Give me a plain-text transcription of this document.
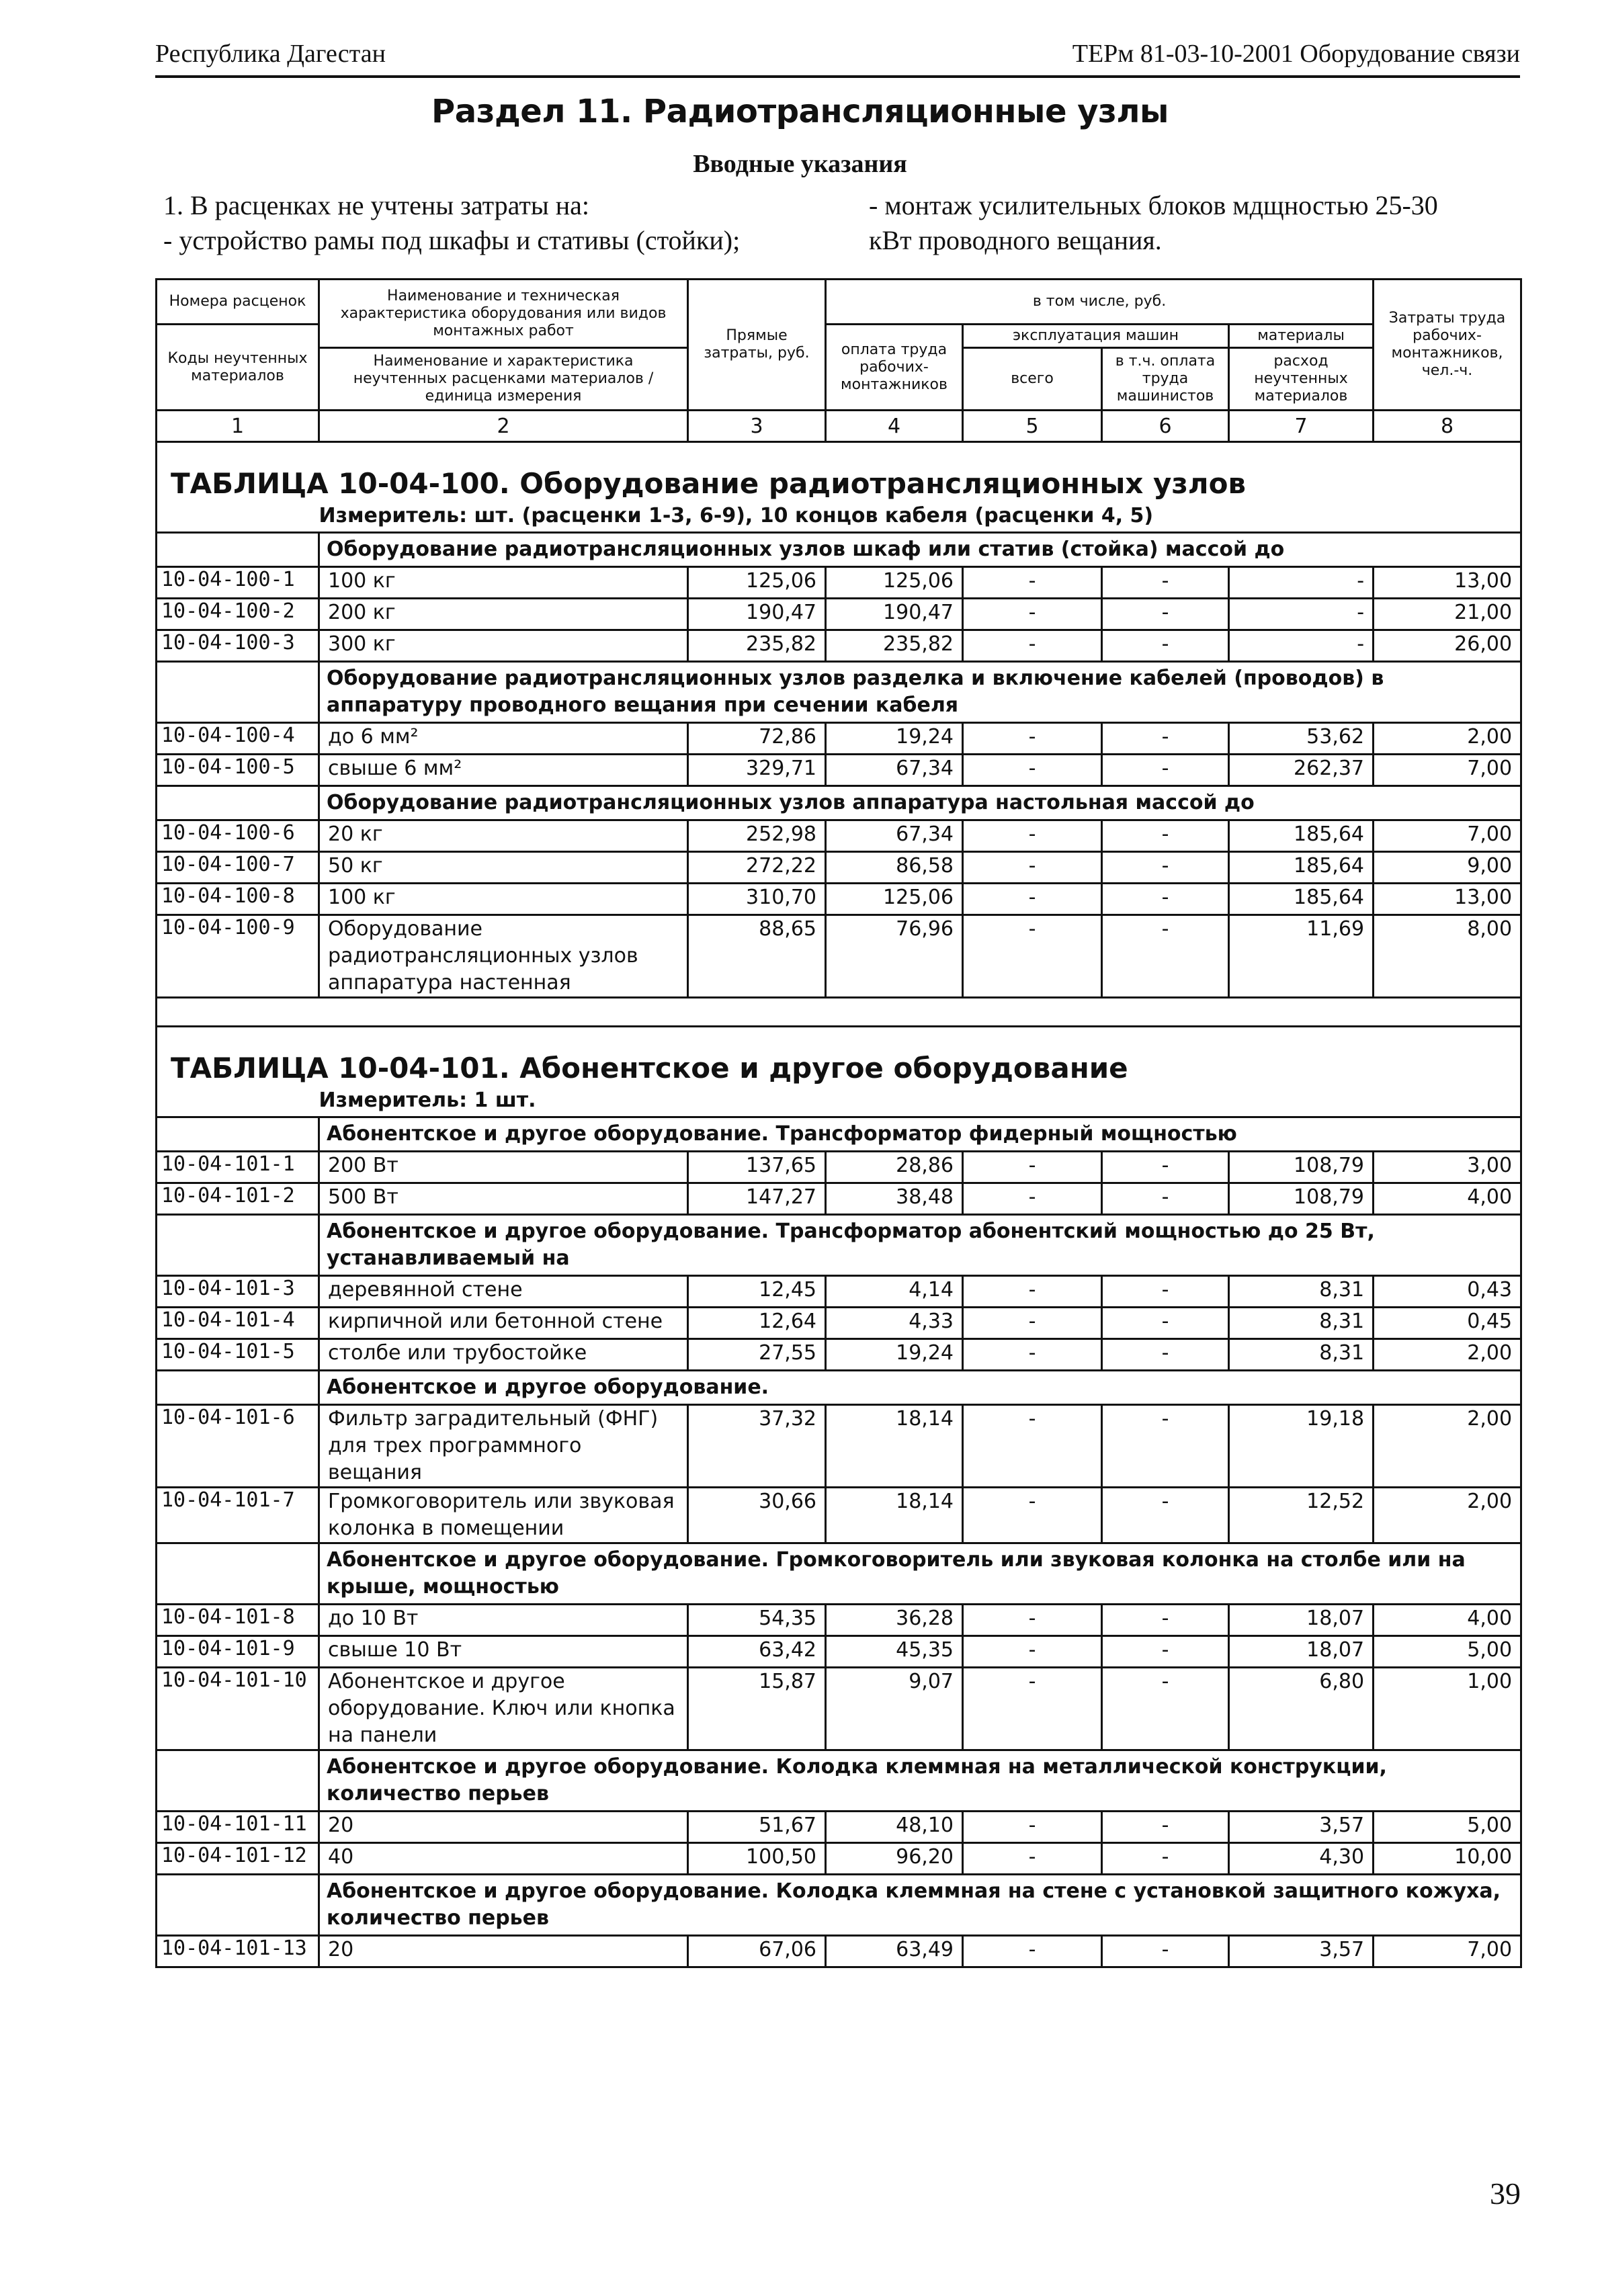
Республика Дагестан	ТЕРм 81-03-10-2001 Оборудование связи
Раздел 11. Радиотрансляционные узлы
Вводные указания
1. В расценках не учтены затраты на:
- устройство рамы под шкафы и стативы (стойки);
- монтаж усилительных блоков мдщностью 25-30
кВт проводного вещания.
Номера расценок	Наименование и техническая характеристика оборудования или видов монтажных работ	Прямые затраты, руб.	в том числе, руб.				Затраты труда рабочих-монтажников, чел.-ч.
Коды неучтенных материалов			оплата труда рабочих-монтажников	эксплуатация машин		материалы	
	Наименование и характеристика неучтенных расценками материалов / единица измерения			всего	в т.ч. оплата труда машинистов	расход неучтенных материалов	

1	2	3	4	5	6	7	8
ТАБЛИЦА 10-04-100. Оборудование радиотрансляционных узлов							
	Измеритель: шт. (расценки 1-3, 6-9), 10 концов кабеля (расценки 4, 5)						
	Оборудование радиотрансляционных узлов шкаф или статив (стойка) массой до						
10-04-100-1	100 кг	125,06	125,06	-	-	-	13,00
10-04-100-2	200 кг	190,47	190,47	-	-	-	21,00
10-04-100-3	300 кг	235,82	235,82	-	-	-	26,00
	Оборудование радиотрансляционных узлов разделка и включение кабелей (проводов) в аппаратуру проводного вещания при сечении кабеля						
10-04-100-4	до 6 мм²	72,86	19,24	-	-	53,62	2,00
10-04-100-5	свыше 6 мм²	329,71	67,34	-	-	262,37	7,00
	Оборудование радиотрансляционных узлов аппаратура настольная массой до						
10-04-100-6	20 кг	252,98	67,34	-	-	185,64	7,00
10-04-100-7	50 кг	272,22	86,58	-	-	185,64	9,00
10-04-100-8	100 кг	310,70	125,06	-	-	185,64	13,00
10-04-100-9	Оборудование радиотрансляционных узлов аппаратура настенная	88,65	76,96	-	-	11,69	8,00

ТАБЛИЦА 10-04-101. Абонентское и другое оборудование							
	Измеритель: 1 шт.						
	Абонентское и другое оборудование. Трансформатор фидерный мощностью						
10-04-101-1	200 Вт	137,65	28,86	-	-	108,79	3,00
10-04-101-2	500 Вт	147,27	38,48	-	-	108,79	4,00
	Абонентское и другое оборудование. Трансформатор абонентский мощностью до 25 Вт, устанавливаемый на						
10-04-101-3	деревянной стене	12,45	4,14	-	-	8,31	0,43
10-04-101-4	кирпичной или бетонной стене	12,64	4,33	-	-	8,31	0,45
10-04-101-5	столбе или трубостойке	27,55	19,24	-	-	8,31	2,00
	Абонентское и другое оборудование.						
10-04-101-6	Фильтр заградительный (ФНГ) для трех программного вещания	37,32	18,14	-	-	19,18	2,00
10-04-101-7	Громкоговоритель или звуковая колонка в помещении	30,66	18,14	-	-	12,52	2,00
	Абонентское и другое оборудование. Громкоговоритель или звуковая колонка на столбе или на крыше, мощностью						
10-04-101-8	до 10 Вт	54,35	36,28	-	-	18,07	4,00
10-04-101-9	свыше 10 Вт	63,42	45,35	-	-	18,07	5,00
10-04-101-10	Абонентское и другое оборудование. Ключ или кнопка на панели	15,87	9,07	-	-	6,80	1,00
	Абонентское и другое оборудование. Колодка клеммная на металлической конструкции, количество перьев						
10-04-101-11	20	51,67	48,10	-	-	3,57	5,00
10-04-101-12	40	100,50	96,20	-	-	4,30	10,00
	Абонентское и другое оборудование. Колодка клеммная на стене с установкой защитного кожуха, количество перьев						
10-04-101-13	20	67,06	63,49	-	-	3,57	7,00
39
